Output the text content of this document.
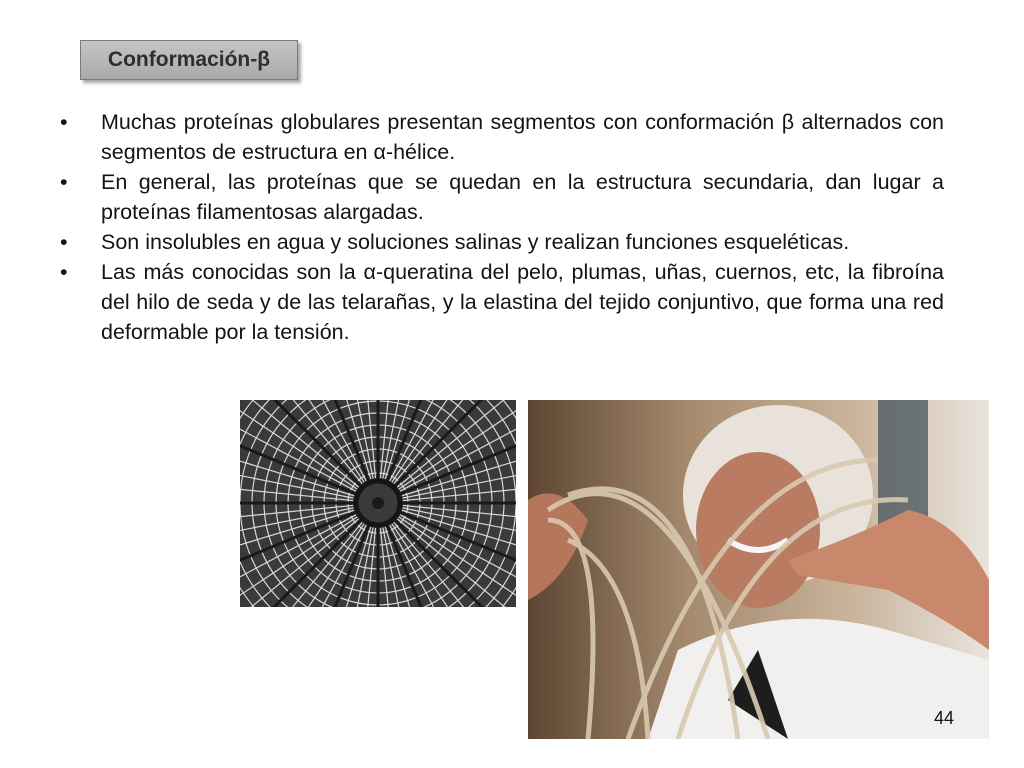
Conformación-β
• Muchas proteínas globulares presentan segmentos con conformación β alternados con segmentos de estructura en α-hélice.
• En general, las proteínas que se quedan en la estructura secundaria, dan lugar a proteínas filamentosas alargadas.
• Son insolubles en agua y soluciones salinas y realizan funciones esqueléticas.
• Las más conocidas son la α-queratina del pelo, plumas, uñas, cuernos, etc, la fibroína del hilo de seda y de las telarañas, y la elastina del tejido conjuntivo, que forma una red deformable por la tensión.
44
